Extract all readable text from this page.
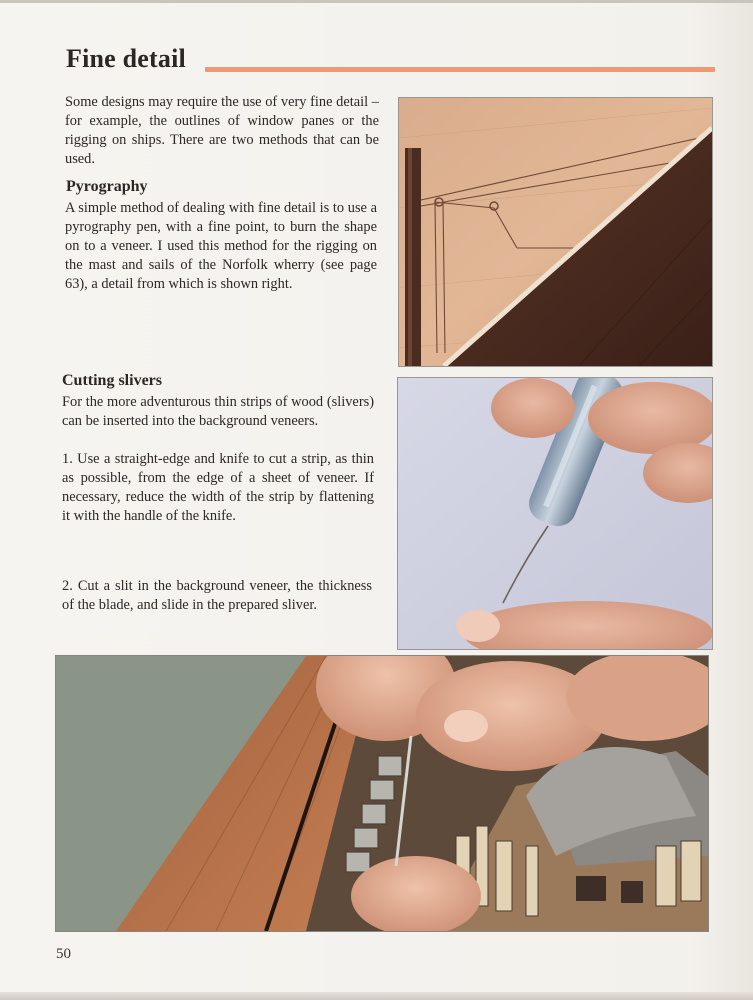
Fine detail
Some designs may require the use of very fine detail – for example, the outlines of window panes or the rigging on ships. There are two methods that can be used.
Pyrography
A simple method of dealing with fine detail is to use a pyrography pen, with a fine point, to burn the shape on to a veneer. I used this method for the rigging on the mast and sails of the Norfolk wherry (see page 63), a detail from which is shown right.
Cutting slivers
For the more adventurous thin strips of wood (slivers) can be inserted into the background veneers.
1. Use a straight-edge and knife to cut a strip, as thin as possible, from the edge of a sheet of veneer. If necessary, reduce the width of the strip by flattening it with the handle of the knife.
2. Cut a slit in the background veneer, the thickness of the blade, and slide in the prepared sliver.
50
